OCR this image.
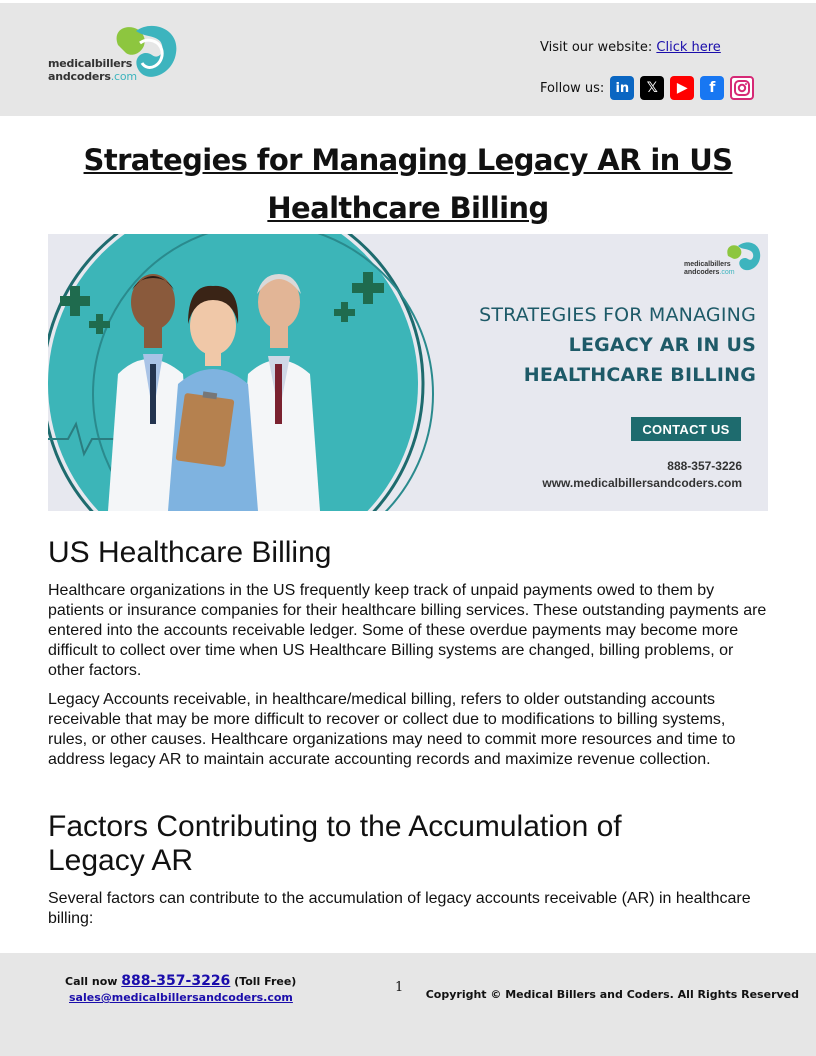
medicalbillers
andcoders.com
Visit our website: Click here
Follow us: in	𝕏	▶	f
Strategies for Managing Legacy AR in US
Healthcare Billing
medicalbillers
andcoders.com
STRATEGIES FOR MANAGING
LEGACY AR IN US
HEALTHCARE BILLING
CONTACT US
888-357-3226
www.medicalbillersandcoders.com
US Healthcare Billing

Healthcare organizations in the US frequently keep track of unpaid payments owed to them by patients or insurance companies for their healthcare billing services. These outstanding payments are entered into the accounts receivable ledger. Some of these overdue payments may become more difficult to collect over time when US Healthcare Billing systems are changed, billing problems, or other factors.

Legacy Accounts receivable, in healthcare/medical billing, refers to older outstanding accounts receivable that may be more difficult to recover or collect due to modifications to billing systems, rules, or other causes. Healthcare organizations may need to commit more resources and time to address legacy AR to maintain accurate accounting records and maximize revenue collection.

Factors Contributing to the Accumulation of
Legacy AR

Several factors can contribute to the accumulation of legacy accounts receivable (AR) in healthcare billing:

Call now 888-357-3226 (Toll Free)
sales@medicalbillersandcoders.com
1 Copyright © Medical Billers and Coders. All Rights Reserved
